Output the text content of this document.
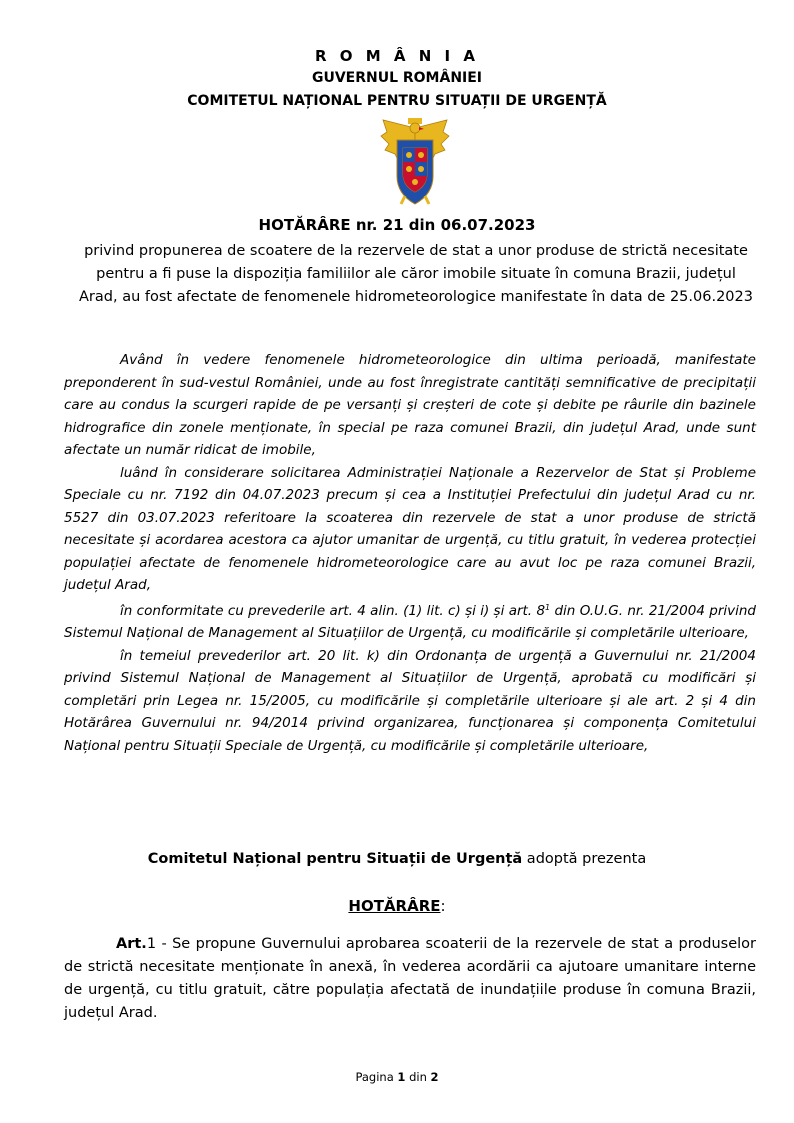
R O M Â N I A
GUVERNUL ROMÂNIEI
COMITETUL NAȚIONAL PENTRU SITUAȚII DE URGENȚĂ
HOTĂRÂRE nr. 21 din 06.07.2023
privind propunerea de scoatere de la rezervele de stat a unor produse de strictă necesitate pentru a fi puse la dispoziția familiilor ale căror imobile situate în comuna Brazii, județul Arad, au fost afectate de fenomenele hidrometeorologice manifestate în data de 25.06.2023

Având în vedere fenomenele hidrometeorologice din ultima perioadă, manifestate preponderent în sud-vestul României, unde au fost înregistrate cantități semnificative de precipitații care au condus la scurgeri rapide de pe versanți și creșteri de cote și debite pe râurile din bazinele hidrografice din zonele menționate, în special pe raza comunei Brazii, din județul Arad, unde sunt afectate un număr ridicat de imobile,

luând în considerare solicitarea Administrației Naționale a Rezervelor de Stat și Probleme Speciale cu nr. 7192 din 04.07.2023 precum și cea a Instituției Prefectului din județul Arad cu nr. 5527 din 03.07.2023 referitoare la scoaterea din rezervele de stat a unor produse de strictă necesitate și acordarea acestora ca ajutor umanitar de urgență, cu titlu gratuit, în vederea protecției populației afectate de fenomenele hidrometeorologice care au avut loc pe raza comunei Brazii, județul Arad,

în conformitate cu prevederile art. 4 alin. (1) lit. c) și i) și art. $8^1$ din O.U.G. nr. 21/2004 privind Sistemul Național de Management al Situațiilor de Urgență, cu modificările și completările ulterioare,

în temeiul prevederilor art. 20 lit. k) din Ordonanța de urgență a Guvernului nr. 21/2004 privind Sistemul Național de Management al Situațiilor de Urgență, aprobată cu modificări și completări prin Legea nr. 15/2005, cu modificările și completările ulterioare și ale art. 2 și 4 din Hotărârea Guvernului nr. 94/2014 privind organizarea, funcționarea și componența Comitetului Național pentru Situații Speciale de Urgență, cu modificările și completările ulterioare,

Comitetul Național pentru Situații de Urgență adoptă prezenta
HOTĂRÂRE:

Art.1 - Se propune Guvernului aprobarea scoaterii de la rezervele de stat a produselor de strictă necesitate menționate în anexă, în vederea acordării ca ajutoare umanitare interne de urgență, cu titlu gratuit, către populația afectată de inundațiile produse în comuna Brazii, județul Arad.

Pagina 1 din 2
